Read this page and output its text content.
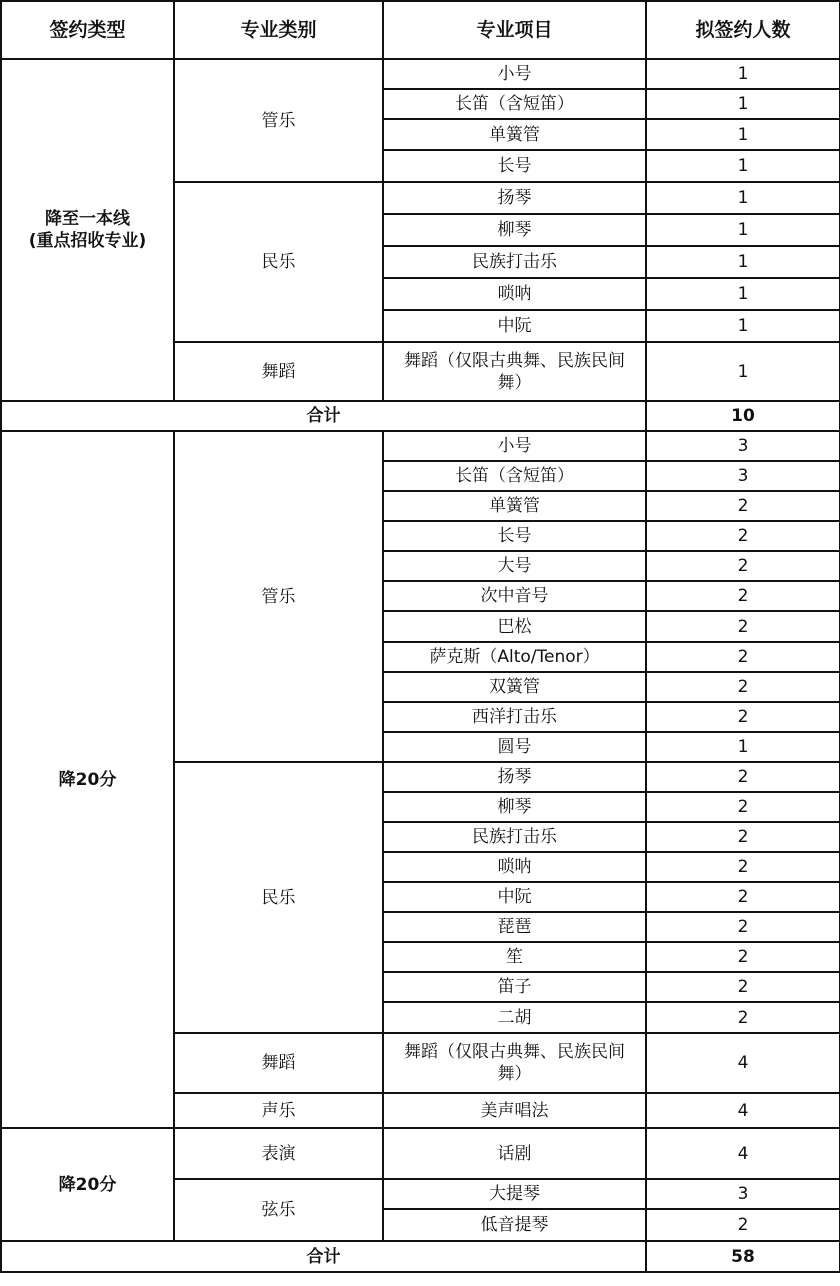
签约类型	专业类别	专业项目	拟签约人数

降至一本线
(重点招收专业)	管乐	小号	1
		长笛（含短笛）	1
		单簧管	1
		长号	1
	民乐	扬琴	1
		柳琴	1
		民族打击乐	1
		唢呐	1
		中阮	1
	舞蹈	舞蹈（仅限古典舞、民族民间舞）	1
合计			10
降20分	管乐	小号	3
		长笛（含短笛）	3
		单簧管	2
		长号	2
		大号	2
		次中音号	2
		巴松	2
		萨克斯（Alto/Tenor）	2
		双簧管	2
		西洋打击乐	2
		圆号	1
	民乐	扬琴	2
		柳琴	2
		民族打击乐	2
		唢呐	2
		中阮	2
		琵琶	2
		笙	2
		笛子	2
		二胡	2
	舞蹈	舞蹈（仅限古典舞、民族民间舞）	4
	声乐	美声唱法	4
降20分	表演	话剧	4
	弦乐	大提琴	3
		低音提琴	2
合计			58
